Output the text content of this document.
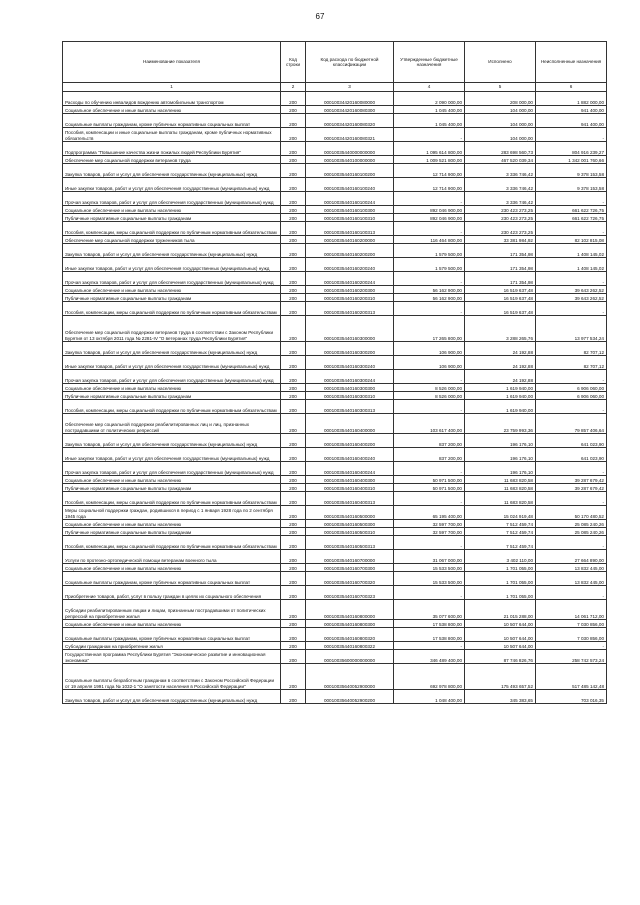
67
Наименование показателя	Код строки	Код расхода по бюджетной классификации	Утвержденные бюджетные назначения	Исполнено	Неисполненные назначения
1	2	3	4	5	6
Расходы по обучению инвалидов вождению автомобильным транспортом	200	00010034420160080000	2 090 000,00	208 000,00	1 882 000,00
Социальное обеспечение и иные выплаты населению	200	00010034420160080300	1 045 400,00	104 000,00	941 400,00
Социальные выплаты гражданам, кроме публичных нормативных социальных выплат	200	00010034420160080320	1 045 400,00	104 000,00	941 400,00
Пособия, компенсации и иные социальные выплаты гражданам, кроме публичных нормативных обязательств	200	00010034420160080321	-	104 000,00	-
Подпрограмма "Повышение качества жизни пожилых людей Республики Бурятия"	200	00010035440000000000	1 095 614 800,00	283 698 560,73	804 916 239,27
Обеспечение мер социальной поддержки ветеранов труда	200	00010035440100000000	1 009 521 800,00	467 520 039,34	1 342 001 760,66
Закупка товаров, работ и услуг для обеспечения государственных (муниципальных) нужд	200	00010035440160100200	12 714 900,00	3 336 746,42	9 378 153,58
Иные закупки товаров, работ и услуг для обеспечения государственных (муниципальных) нужд	200	00010035440160100240	12 714 900,00	3 336 746,42	9 378 153,58
Прочая закупка товаров, работ и услуг для обеспечения государственных (муниципальных) нужд	200	00010035440160100244	-	3 336 746,42	-
Социальное обеспечение и иные выплаты населению	200	00010035440160100300	892 046 900,00	230 423 273,25	661 622 726,75
Публичные нормативные социальные выплаты гражданам	200	00010035440160100310	892 046 900,00	230 423 273,25	661 622 726,75
Пособия, компенсации, меры социальной поддержки по публичным нормативным обязательствам	200	00010035440160100313	-	230 423 273,25	-
Обеспечение мер социальной поддержки труженников тыла	200	00010035440160200000	116 464 800,00	33 381 984,92	82 102 815,08
Закупка товаров, работ и услуг для обеспечения государственных (муниципальных) нужд	200	00010035440160200200	1 579 500,00	171 354,98	1 408 145,02
Иные закупки товаров, работ и услуг для обеспечения государственных (муниципальных) нужд	200	00010035440160200240	1 579 500,00	171 354,98	1 408 145,02
Прочая закупка товаров, работ и услуг для обеспечения государственных (муниципальных) нужд	200	00010035440160200244	-	171 354,98	-
Социальное обеспечение и иные выплаты населению	200	00010035440160200300	56 162 900,00	16 519 637,48	39 643 262,52
Публичные нормативные социальные выплаты гражданам	200	00010035440160200310	56 162 900,00	16 519 637,48	39 643 262,52
Пособия, компенсации, меры социальной поддержки по публичным нормативным обязательствам	200	00010035440160200313	-	16 519 637,48	-
Обеспечение мер социальной поддержки ветеранов труда в соответствии с Законом Республики Бурятия от 13 октября 2011 года № 2281-IV "О ветеранах труда Республики Бурятия"	200	00010035440160300000	17 265 800,00	3 288 265,76	13 977 534,24
Закупка товаров, работ и услуг для обеспечения государственных (муниципальных) нужд	200	00010035440160300200	106 900,00	24 192,88	82 707,12
Иные закупки товаров, работ и услуг для обеспечения государственных (муниципальных) нужд	200	00010035440160300240	106 900,00	24 192,88	82 707,12
Прочая закупка товаров, работ и услуг для обеспечения государственных (муниципальных) нужд	200	00010035440160300244	-	24 192,88	-
Социальное обеспечение и иные выплаты населению	200	00010035440160300300	8 526 000,00	1 619 940,00	6 906 060,00
Публичные нормативные социальные выплаты гражданам	200	00010035440160300310	8 526 000,00	1 619 940,00	6 906 060,00
Пособия, компенсации, меры социальной поддержки по публичным нормативным обязательствам	200	00010035440160300313	-	1 619 940,00	-
Обеспечение мер социальной поддержки реабилитированных лиц и лиц, признанных пострадавшими от политических репрессий	200	00010035440160400000	103 617 400,00	23 759 993,36	79 857 406,64
Закупка товаров, работ и услуг для обеспечения государственных (муниципальных) нужд	200	00010035440160400200	837 200,00	196 176,10	641 023,90
Иные закупки товаров, работ и услуг для обеспечения государственных (муниципальных) нужд	200	00010035440160400240	837 200,00	196 176,10	641 023,90
Прочая закупка товаров, работ и услуг для обеспечения государственных (муниципальных) нужд	200	00010035440160400244	-	196 176,10	-
Социальное обеспечение и иные выплаты населению	200	00010035440160400300	50 971 500,00	11 683 820,58	39 287 679,42
Публичные нормативные социальные выплаты гражданам	200	00010035440160400310	50 971 500,00	11 683 820,58	39 287 679,42
Пособия, компенсации, меры социальной поддержки по публичным нормативным обязательствам	200	00010035440160400313	-	11 683 820,58	-
Меры социальной поддержки граждан, родившихся в период с 1 января 1928 года по 2 сентября 1945 года	200	00010035440160500000	65 195 400,00	15 024 919,48	50 170 480,52
Социальное обеспечение и иные выплаты населению	200	00010035440160500300	32 597 700,00	7 512 459,74	25 085 240,26
Публичные нормативные социальные выплаты гражданам	200	00010035440160500310	32 597 700,00	7 512 459,74	25 085 240,26
Пособия, компенсации, меры социальной поддержки по публичным нормативным обязательствам	200	00010035440160500313	-	7 512 459,74	-
Услуги по протезно-ортопедической помощи ветеранам военного тыла	200	00010035440160700000	31 067 000,00	3 402 110,00	27 664 890,00
Социальное обеспечение и иные выплаты населению	200	00010035440160700300	15 533 500,00	1 701 055,00	13 832 445,00
Социальные выплаты гражданам, кроме публичных нормативных социальных выплат	200	00010035440160700320	15 533 500,00	1 701 055,00	13 832 445,00
Приобретение товаров, работ, услуг в пользу граждан в целях их социального обеспечения	200	00010035440160700323	-	1 701 055,00	-
Субсидии реабилитированным лицам и лицам, признанным пострадавшими от политических репрессий на приобретение жилья	200	00010035440160800000	35 077 600,00	21 015 288,00	14 061 712,00
Социальное обеспечение и иные выплаты населению	200	00010035440160800300	17 538 800,00	10 507 644,00	7 030 856,00
Социальные выплаты гражданам, кроме публичных нормативных социальных выплат	200	00010035440160800320	17 538 800,00	10 507 644,00	7 030 856,00
Субсидии гражданам на приобретение жилья	200	00010035440160800322	-	10 507 644,00	-
Государственная программа Республики Бурятия "Экономическое развитие и инновационная экономика"	200	00010035600000000000	346 489 400,00	87 746 826,76	258 742 573,24
Социальные выплаты безработным гражданам в соответствии с Законом Российской Федерации от 19 апреля 1991 года № 1032-1 "О занятости населения в Российской Федерации"	200	00010035640052900000	692 978 800,00	175 493 657,52	517 485 142,48
Закупка товаров, работ и услуг для обеспечения государственных (муниципальных) нужд	200	00010035640052900200	1 048 400,00	345 383,65	703 016,35
